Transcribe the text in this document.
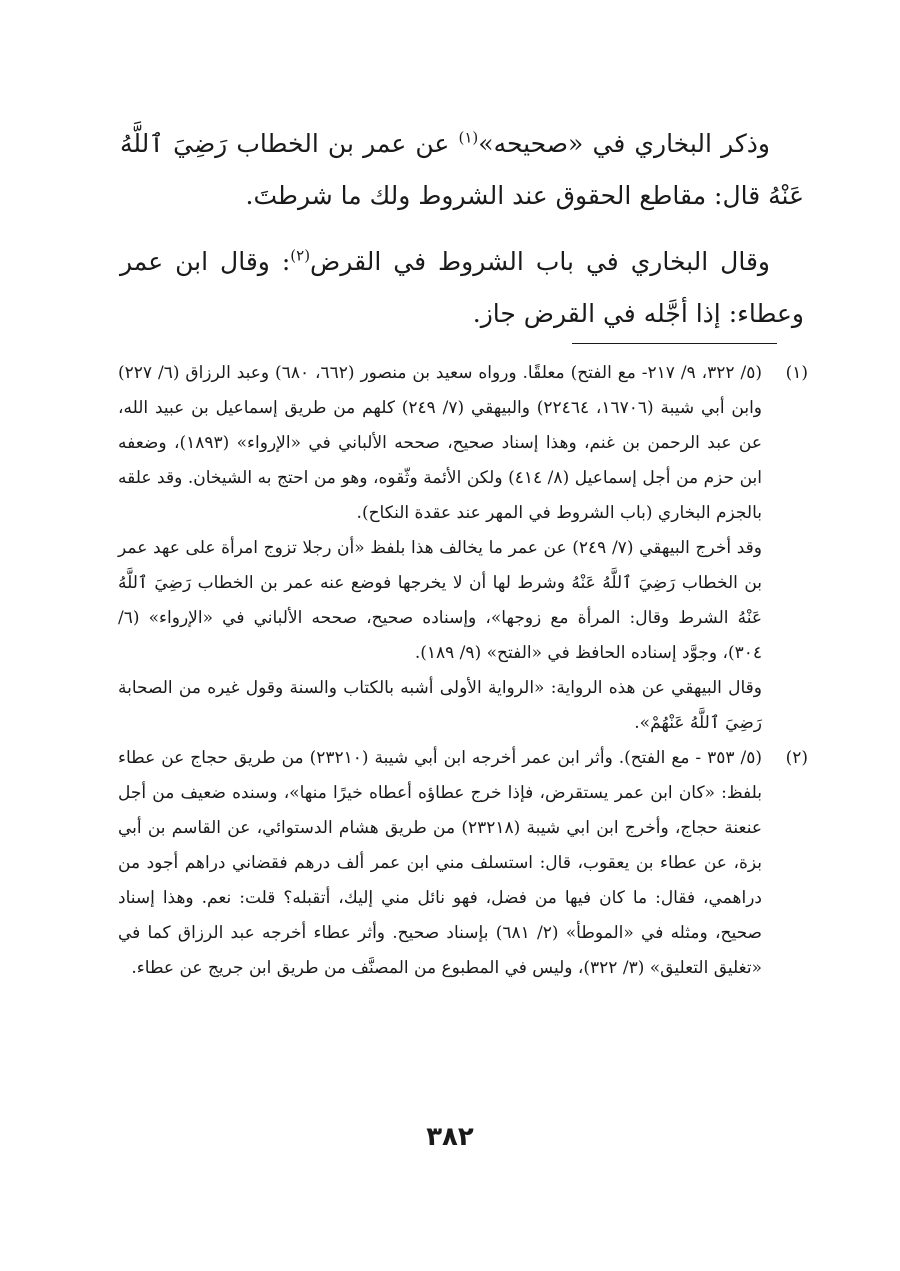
وذكر البخاري في «صحيحه»$^{(١)}$ عن عمر بن الخطاب رَضِيَ ٱللَّهُ عَنْهُ قال: مقاطع الحقوق عند الشروط ولك ما شرطتَ.

وقال البخاري في باب الشروط في القرض$^{(٢)}$: وقال ابن عمر وعطاء: إذا أجَّله في القرض جاز.

(١)

(٥/ ٣٢٢، ٩/ ٢١٧- مع الفتح) معلقًا. ورواه سعيد بن منصور (٦٦٢، ٦٨٠) وعبد الرزاق (٦/ ٢٢٧) وابن أبي شيبة (١٦٧٠٦، ٢٢٤٦٤) والبيهقي (٧/ ٢٤٩) كلهم من طريق إسماعيل بن عبيد الله، عن عبد الرحمن بن غنم، وهذا إسناد صحيح، صححه الألباني في «الإرواء» (١٨٩٣)، وضعفه ابن حزم من أجل إسماعيل (٨/ ٤١٤) ولكن الأئمة وثّقوه، وهو من احتج به الشيخان. وقد علقه بالجزم البخاري (باب الشروط في المهر عند عقدة النكاح).

وقد أخرج البيهقي (٧/ ٢٤٩) عن عمر ما يخالف هذا بلفظ «أن رجلا تزوج امرأة على عهد عمر بن الخطاب رَضِيَ ٱللَّهُ عَنْهُ وشرط لها أن لا يخرجها فوضع عنه عمر بن الخطاب رَضِيَ ٱللَّهُ عَنْهُ الشرط وقال: المرأة مع زوجها»، وإسناده صحيح، صححه الألباني في «الإرواء» (٦/ ٣٠٤)، وجوَّد إسناده الحافظ في «الفتح» (٩/ ١٨٩).

وقال البيهقي عن هذه الرواية: «الرواية الأولى أشبه بالكتاب والسنة وقول غيره من الصحابة رَضِيَ ٱللَّهُ عَنْهُمْ».

(٢)

(٥/ ٣٥٣ - مع الفتح). وأثر ابن عمر أخرجه ابن أبي شيبة (٢٣٢١٠) من طريق حجاج عن عطاء بلفظ: «كان ابن عمر يستقرض، فإذا خرج عطاؤه أعطاه خيرًا منها»، وسنده ضعيف من أجل عنعنة حجاج، وأخرج ابن ابي شيبة (٢٣٢١٨) من طريق هشام الدستوائي، عن القاسم بن أبي بزة، عن عطاء بن يعقوب، قال: استسلف مني ابن عمر ألف درهم فقضاني دراهم أجود من دراهمي، فقال: ما كان فيها من فضل، فهو نائل مني إليك، أتقبله؟ قلت: نعم. وهذا إسناد صحيح، ومثله في «الموطأ» (٢/ ٦٨١) بإسناد صحيح. وأثر عطاء أخرجه عبد الرزاق كما في «تغليق التعليق» (٣/ ٣٢٢)، وليس في المطبوع من المصنَّف من طريق ابن جريج عن عطاء.

٣٨٢
